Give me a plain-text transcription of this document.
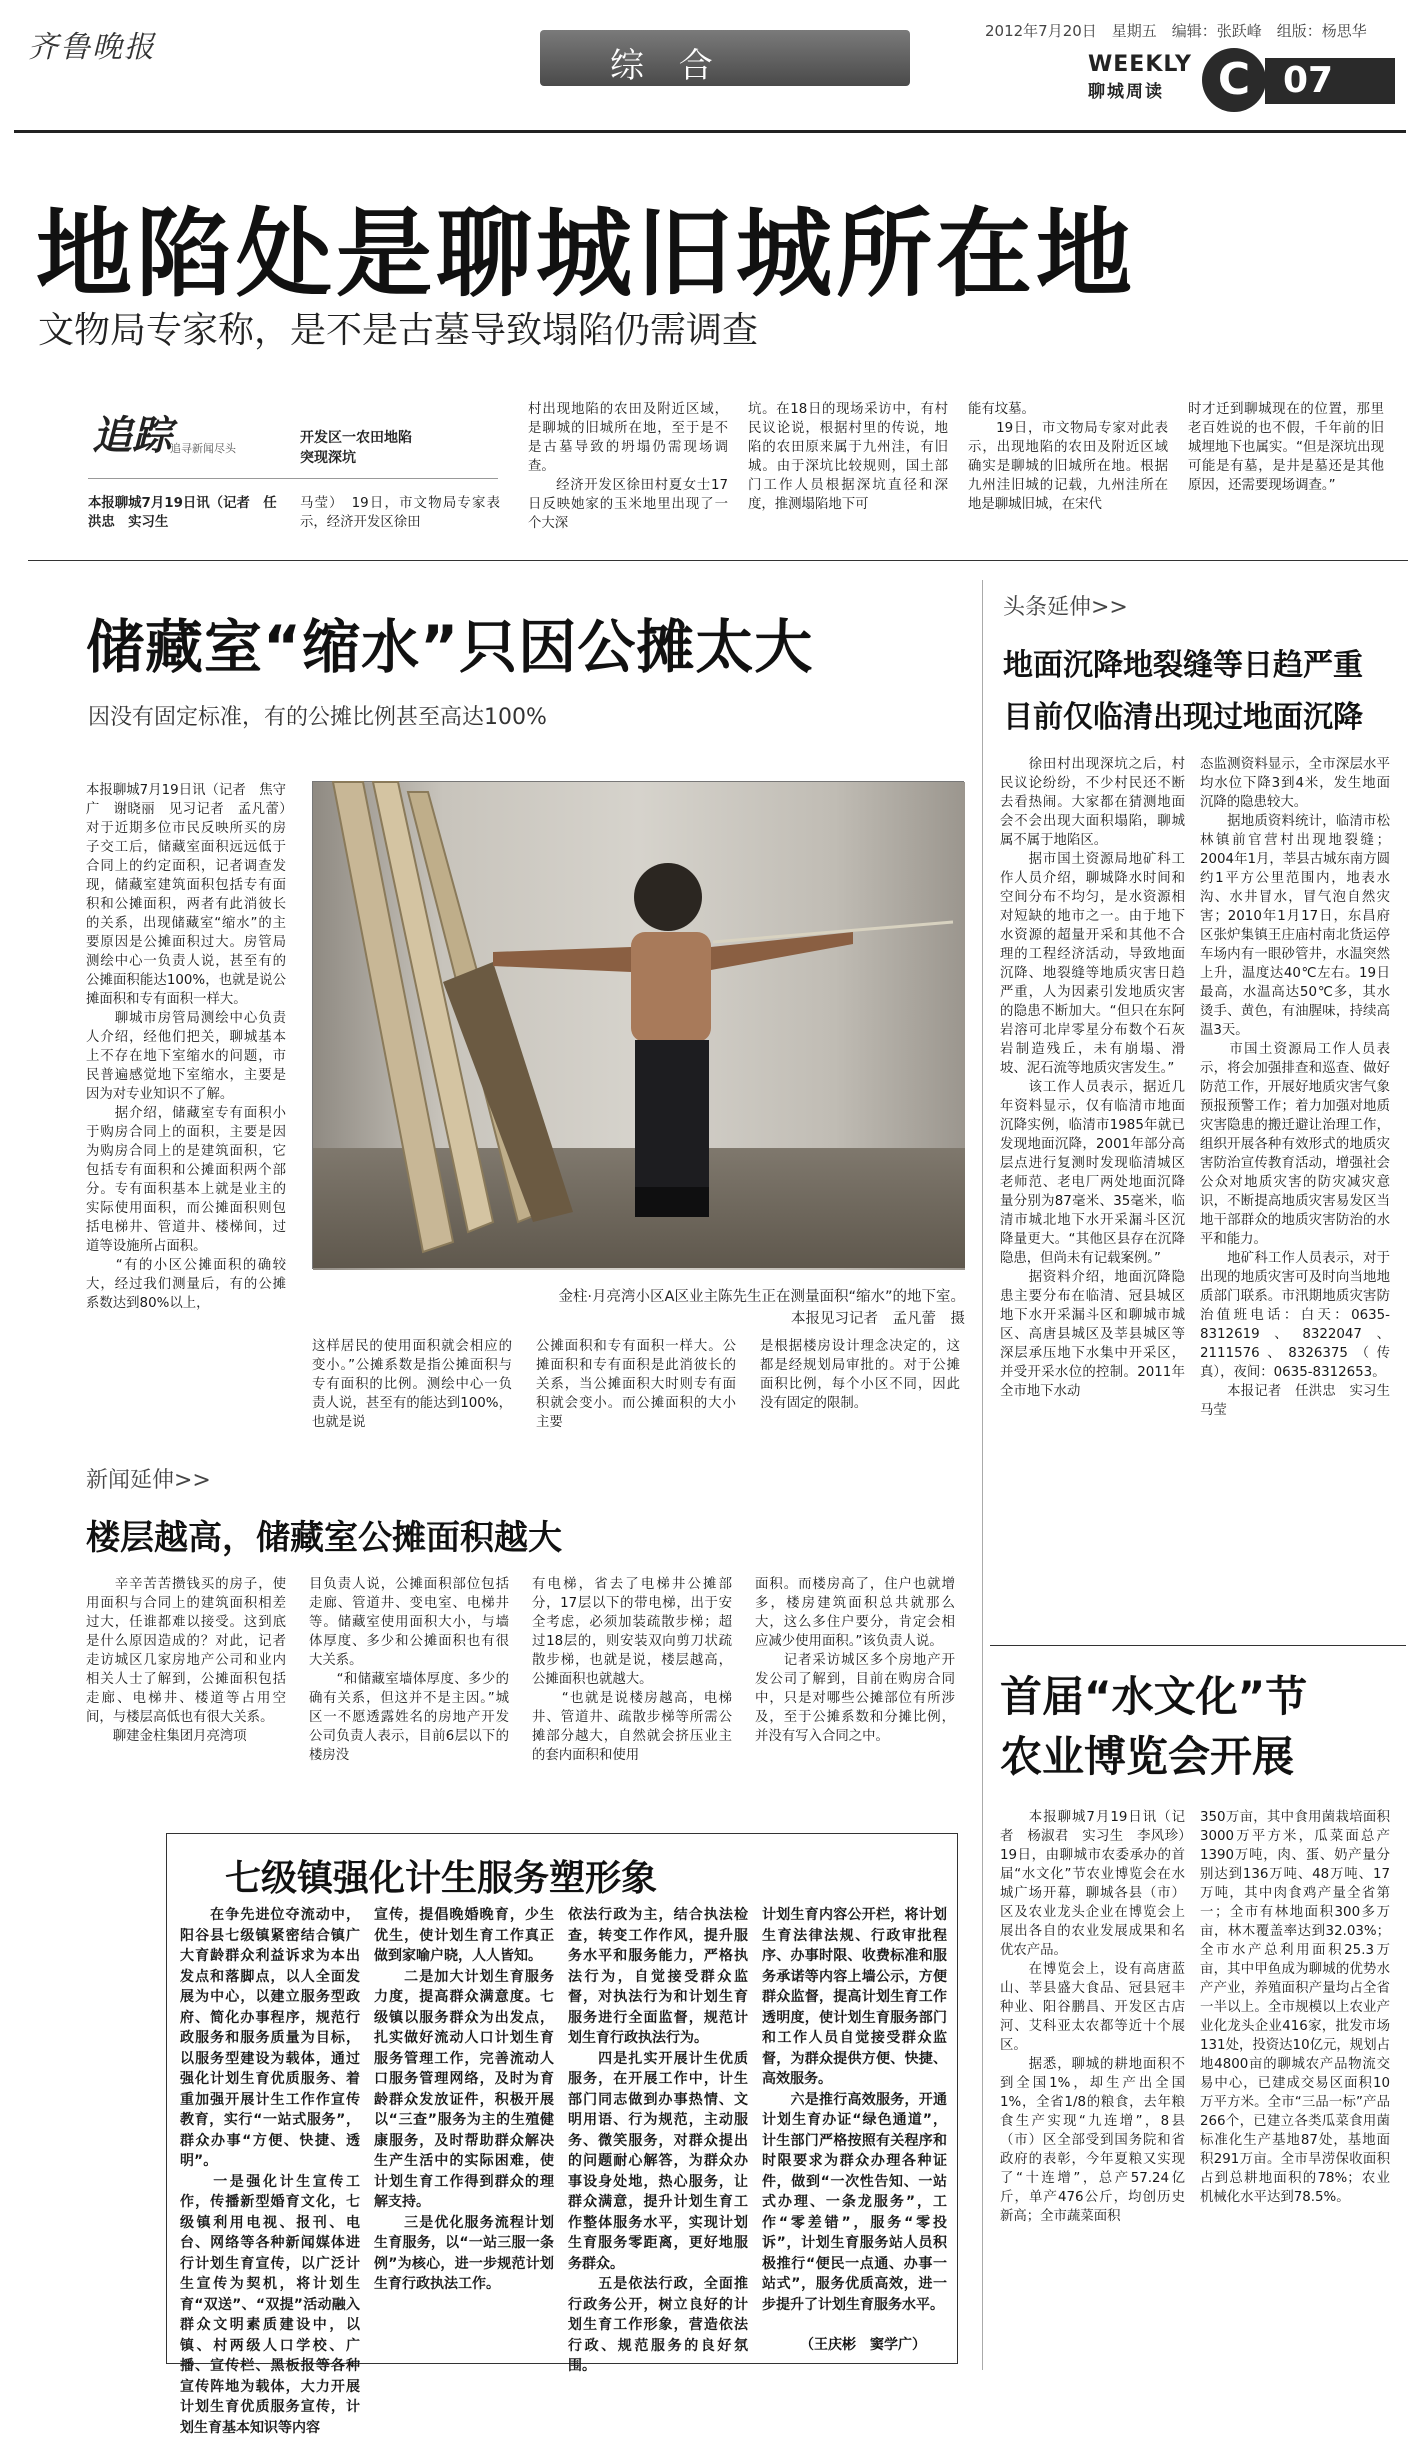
齐鲁晚报	综 合
2012年7月20日　星期五　编辑：张跃峰　组版：杨思华
WEEKLY
聊城周读	C 07
地陷处是聊城旧城所在地
文物局专家称，是不是古墓导致塌陷仍需调查
追踪
追寻新闻尽头
开发区一农田地陷
突现深坑
本报聊城7月19日讯（记者　任洪忠　实习生
马莹）　19日，市文物局专家表示，经济开发区徐田
村出现地陷的农田及附近区域，是聊城的旧城所在地，至于是不是古墓导致的坍塌仍需现场调查。
　　经济开发区徐田村夏女士17日反映她家的玉米地里出现了一个大深
坑。在18日的现场采访中，有村民议论说，根据村里的传说，地陷的农田原来属于九州洼，有旧城。由于深坑比较规则，国土部门工作人员根据深坑直径和深度，推测塌陷地下可
能有坟墓。
　　19日，市文物局专家对此表示，出现地陷的农田及附近区域确实是聊城的旧城所在地。根据九州洼旧城的记载，九州洼所在地是聊城旧城，在宋代
时才迁到聊城现在的位置，那里老百姓说的也不假，千年前的旧城埋地下也属实。“但是深坑出现可能是有墓，是井是墓还是其他原因，还需要现场调查。”
储藏室“缩水”只因公摊太大
因没有固定标准，有的公摊比例甚至高达100%
本报聊城7月19日讯（记者　焦守广　谢晓丽　见习记者　孟凡蕾）　对于近期多位市民反映所买的房子交工后，储藏室面积远远低于合同上的约定面积，记者调查发现，储藏室建筑面积包括专有面积和公摊面积，两者有此消彼长的关系，出现储藏室“缩水”的主要原因是公摊面积过大。房管局测绘中心一负责人说，甚至有的公摊面积能达100%，也就是说公摊面积和专有面积一样大。
　　聊城市房管局测绘中心负责人介绍，经他们把关，聊城基本上不存在地下室缩水的问题，市民普遍感觉地下室缩水，主要是因为对专业知识不了解。
　　据介绍，储藏室专有面积小于购房合同上的面积，主要是因为购房合同上的是建筑面积，它包括专有面积和公摊面积两个部分。专有面积基本上就是业主的实际使用面积，而公摊面积则包括电梯井、管道井、楼梯间，过道等设施所占面积。
　　“有的小区公摊面积的确较大，经过我们测量后，有的公摊系数达到80%以上，	金柱·月亮湾小区A区业主陈先生正在测量面积“缩水”的地下室。
本报见习记者　孟凡蕾　摄
这样居民的使用面积就会相应的变小。”公摊系数是指公摊面积与专有面积的比例。测绘中心一负责人说，甚至有的能达到100%，也就是说
公摊面积和专有面积一样大。公摊面积和专有面积是此消彼长的关系，当公摊面积大时则专有面积就会变小。而公摊面积的大小主要
是根据楼房设计理念决定的，这都是经规划局审批的。对于公摊面积比例，每个小区不同，因此没有固定的限制。
新闻延伸>>
楼层越高，储藏室公摊面积越大
　　辛辛苦苦攒钱买的房子，使用面积与合同上的建筑面积相差过大，任谁都难以接受。这到底是什么原因造成的？对此，记者走访城区几家房地产公司和业内相关人士了解到，公摊面积包括走廊、电梯井、楼道等占用空间，与楼层高低也有很大关系。
　　聊建金柱集团月亮湾项
目负责人说，公摊面积部位包括走廊、管道井、变电室、电梯井等。储藏室使用面积大小，与墙体厚度、多少和公摊面积也有很大关系。
　　“和储藏室墙体厚度、多少的确有关系，但这并不是主因。”城区一不愿透露姓名的房地产开发公司负责人表示，目前6层以下的楼房没
有电梯，省去了电梯井公摊部分，17层以下的带电梯，出于安全考虑，必须加装疏散步梯；超过18层的，则安装双向剪刀状疏散步梯，也就是说，楼层越高，公摊面积也就越大。
　　“也就是说楼房越高，电梯井、管道井、疏散步梯等所需公摊部分越大，自然就会挤压业主的套内面积和使用
面积。而楼房高了，住户也就增多，楼房建筑面积总共就那么大，这么多住户要分，肯定会相应减少使用面积。”该负责人说。
　　记者采访城区多个房地产开发公司了解到，目前在购房合同中，只是对哪些公摊部位有所涉及，至于公摊系数和分摊比例，并没有写入合同之中。
头条延伸>>
地面沉降地裂缝等日趋严重
目前仅临清出现过地面沉降
　　徐田村出现深坑之后，村民议论纷纷，不少村民还不断去看热闹。大家都在猜测地面会不会出现大面积塌陷，聊城属不属于地陷区。
　　据市国土资源局地矿科工作人员介绍，聊城降水时间和空间分布不均匀，是水资源相对短缺的地市之一。由于地下水资源的超量开采和其他不合理的工程经济活动，导致地面沉降、地裂缝等地质灾害日趋严重，人为因素引发地质灾害的隐患不断加大。“但只在东阿岩溶可北岸零星分布数个石灰岩制造残丘，未有崩塌、滑坡、泥石流等地质灾害发生。”
　　该工作人员表示，据近几年资料显示，仅有临清市地面沉降实例，临清市1985年就已发现地面沉降，2001年部分高层点进行复测时发现临清城区老师范、老电厂两处地面沉降量分别为87毫米、35毫米，临清市城北地下水开采漏斗区沉降量更大。“其他区县存在沉降隐患，但尚未有记载案例。”
　　据资料介绍，地面沉降隐患主要分布在临清、冠县城区地下水开采漏斗区和聊城市城区、高唐县城区及莘县城区等深层承压地下水集中开采区，并受开采水位的控制。2011年全市地下水动
态监测资料显示，全市深层水平均水位下降3到4米，发生地面沉降的隐患较大。
　　据地质资料统计，临清市松林镇前官营村出现地裂缝；2004年1月，莘县古城东南方圆约1平方公里范围内，地表水沟、水井冒水，冒气泡自然灾害；2010年1月17日，东昌府区张炉集镇王庄庙村南北货运停车场内有一眼砂管井，水温突然上升，温度达40℃左右。19日最高，水温高达50℃多，其水烫手、黄色，有油腥味，持续高温3天。
　　市国土资源局工作人员表示，将会加强排查和巡查、做好防范工作，开展好地质灾害气象预报预警工作；着力加强对地质灾害隐患的搬迁避让治理工作，组织开展各种有效形式的地质灾害防治宣传教育活动，增强社会公众对地质灾害的防灾减灾意识，不断提高地质灾害易发区当地干部群众的地质灾害防治的水平和能力。
　　地矿科工作人员表示，对于出现的地质灾害可及时向当地地质部门联系。市汛期地质灾害防治值班电话：白天：0635-8312619、8322047、2111576、8326375（传真），夜间：0635-8312653。
　　本报记者　任洪忠　实习生　马莹
首届“水文化”节
农业博览会开展
　　本报聊城7月19日讯（记者　杨淑君　实习生　李风珍）　19日，由聊城市农委承办的首届“水文化”节农业博览会在水城广场开幕，聊城各县（市）区及农业龙头企业在博览会上展出各自的农业发展成果和名优农产品。
　　在博览会上，设有高唐蓝山、莘县盛大食品、冠县冠丰种业、阳谷鹏昌、开发区古店河、艾科亚太农都等近十个展区。
　　据悉，聊城的耕地面积不到全国1%，却生产出全国1%，全省1/8的粮食，去年粮食生产实现“九连增”，8县（市）区全部受到国务院和省政府的表彰，今年夏粮又实现了“十连增”，总产57.24亿斤，单产476公斤，均创历史新高；全市蔬菜面积
350万亩，其中食用菌栽培面积3000万平方米，瓜菜面总产1390万吨，肉、蛋、奶产量分别达到136万吨、48万吨、17万吨，其中肉食鸡产量全省第一；全市有林地面积300多万亩，林木覆盖率达到32.03%；全市水产总利用面积25.3万亩，其中甲鱼成为聊城的优势水产产业，养殖面积产量均占全省一半以上。全市规模以上农业产业化龙头企业416家，批发市场131处，投资达10亿元，规划占地4800亩的聊城农产品物流交易中心，已建成交易区面积10万平方米。全市“三品一标”产品266个，已建立各类瓜菜食用菌标准化生产基地87处，基地面积291万亩。全市旱涝保收面积占到总耕地面积的78%；农业机械化水平达到78.5%。
七级镇强化计生服务塑形象
　　在争先进位夺流动中，阳谷县七级镇紧密结合镇广大育龄群众利益诉求为本出发点和落脚点，以人全面发展为中心，以建立服务型政府、简化办事程序，规范行政服务和服务质量为目标，以服务型建设为载体，通过强化计划生育优质服务、着重加强开展计生工作作宣传教育，实行“一站式服务”，群众办事“方便、快捷、透明”。
　　一是强化计生宣传工作，传播新型婚育文化，七级镇利用电视、报刊、电台、网络等各种新闻媒体进行计划生育宣传，以广泛计生宣传为契机，将计划生育“双送”、“双提”活动融入群众文明素质建设中，以镇、村两级人口学校、广播、宣传栏、黑板报等各种宣传阵地为载体，大力开展计划生育优质服务宣传，计划生育基本知识等内容
宣传，提倡晚婚晚育，少生优生，使计划生育工作真正做到家喻户晓，人人皆知。
　　二是加大计划生育服务力度，提高群众满意度。七级镇以服务群众为出发点，扎实做好流动人口计划生育服务管理工作，完善流动人口服务管理网络，及时为育龄群众发放证件，积极开展以“三查”服务为主的生殖健康服务，及时帮助群众解决生产生活中的实际困难，使计划生育工作得到群众的理解支持。
　　三是优化服务流程计划生育服务，以“一站三服一条例”为核心，进一步规范计划生育行政执法工作。
依法行政为主，结合执法检查，转变工作作风，提升服务水平和服务能力，严格执法行为，自觉接受群众监督，对执法行为和计划生育服务进行全面监督，规范计划生育行政执法行为。
　　四是扎实开展计生优质服务，在开展工作中，计生部门同志做到办事热情、文明用语、行为规范，主动服务、微笑服务，对群众提出的问题耐心解答，为群众办事设身处地，热心服务，让群众满意，提升计划生育工作整体服务水平，实现计划生育服务零距离，更好地服务群众。
　　五是依法行政，全面推行政务公开，树立良好的计划生育工作形象，营造依法行政、规范服务的良好氛围。
计划生育内容公开栏，将计划生育法律法规、行政审批程序、办事时限、收费标准和服务承诺等内容上墙公示，方便群众监督，提高计划生育工作透明度，使计划生育服务部门和工作人员自觉接受群众监督，为群众提供方便、快捷、高效服务。
　　六是推行高效服务，开通计划生育办证“绿色通道”，计生部门严格按照有关程序和时限要求为群众办理各种证件，做到“一次性告知、一站式办理、一条龙服务”，工作“零差错”，服务“零投诉”，计划生育服务站人员积极推行“便民一点通、办事一站式”，服务优质高效，进一步提升了计划生育服务水平。
（王庆彬　窦学广）
